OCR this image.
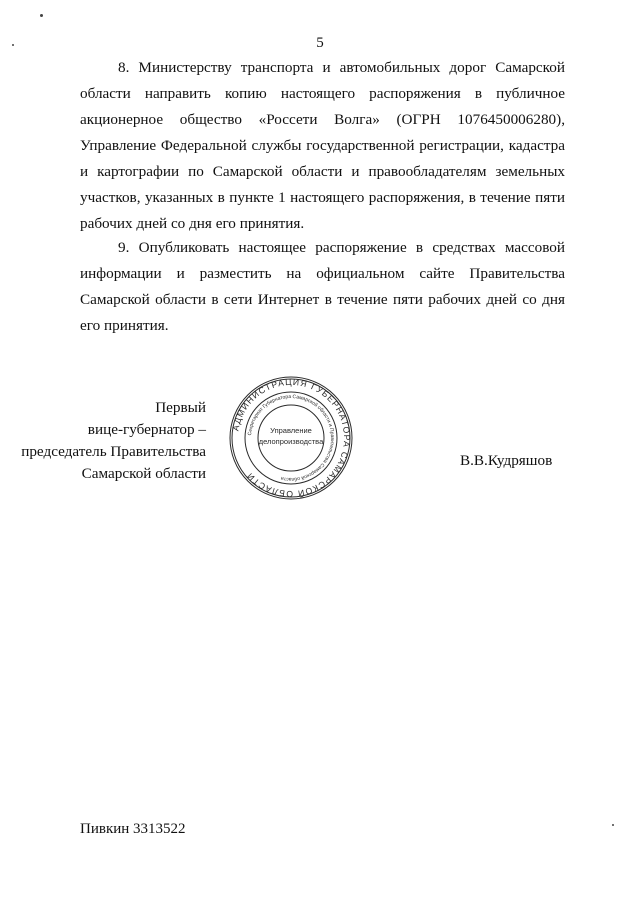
5

8. Министерству транспорта и автомобильных дорог Самарской области направить копию настоящего распоряжения в публичное акционерное общество «Россети Волга» (ОГРН 1076450006280), Управление Федеральной службы государственной регистрации, кадастра и картографии по Самарской области и правообладателям земельных участков, указанных в пункте 1 настоящего распоряжения, в течение пяти рабочих дней со дня его принятия.

9. Опубликовать настоящее распоряжение в средствах массовой информации и разместить на официальном сайте Правительства Самарской области в сети Интернет в течение пяти рабочих дней со дня его принятия.

Первый
вице-губернатор –
председатель Правительства
Самарской области
В.В.Кудряшов
АДМИНИСТРАЦИЯ ГУБЕРНАТОРА САМАРСКОЙ ОБЛАСТИ
Секретариат Губернатора Самарской области и Правительства Самарской области
Управление
делопроизводства
Пивкин 3313522
